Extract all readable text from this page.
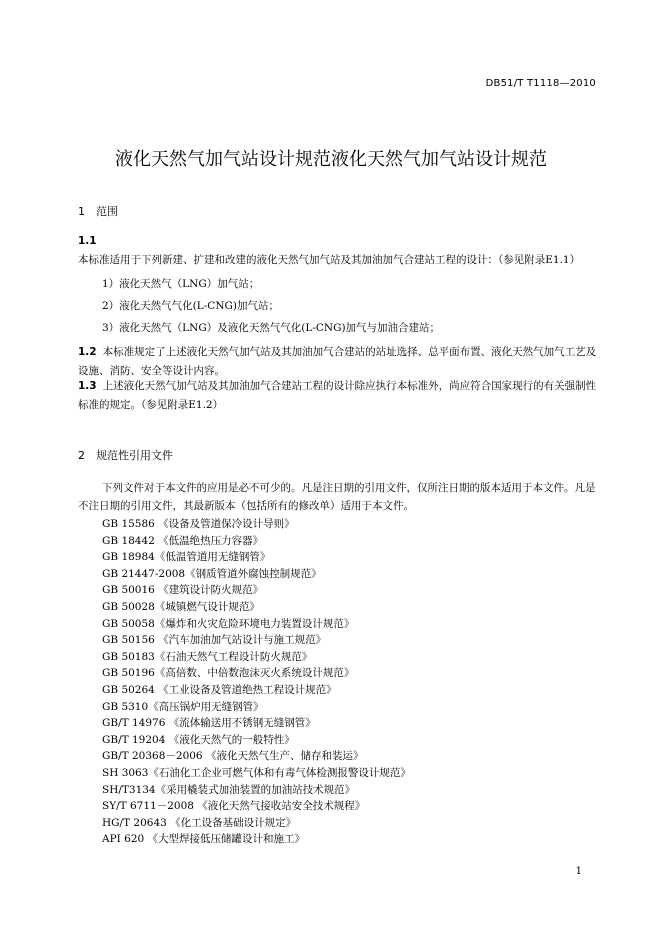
DB51/T T1118—2010
液化天然气加气站设计规范液化天然气加气站设计规范
1 范围
1.1本标准适用于下列新建、扩建和改建的液化天然气加气站及其加油加气合建站工程的设计：（参见附录E1.1）
1）液化天然气（LNG）加气站；
2）液化天然气气化(L-CNG)加气站；
3）液化天然气（LNG）及液化天然气气化(L-CNG)加气与加油合建站；
1.2 本标准规定了上述液化天然气加气站及其加油加气合建站的站址选择、总平面布置、液化天然气加气工艺及设施、消防、安全等设计内容。
1.3 上述液化天然气加气站及其加油加气合建站工程的设计除应执行本标准外，尚应符合国家现行的有关强制性标准的规定。（参见附录E1.2）
2 规范性引用文件
下列文件对于本文件的应用是必不可少的。凡是注日期的引用文件，仅所注日期的版本适用于本文件。凡是不注日期的引用文件，其最新版本（包括所有的修改单）适用于本文件。
GB 15586 《设备及管道保冷设计导则》
GB 18442 《低温绝热压力容器》
GB 18984《低温管道用无缝钢管》
GB 21447-2008《钢质管道外腐蚀控制规范》
GB 50016 《建筑设计防火规范》
GB 50028《城镇燃气设计规范》
GB 50058《爆炸和火灾危险环境电力装置设计规范》
GB 50156 《汽车加油加气站设计与施工规范》
GB 50183《石油天然气工程设计防火规范》
GB 50196《高倍数、中倍数泡沫灭火系统设计规范》
GB 50264 《工业设备及管道绝热工程设计规范》
GB 5310《高压锅炉用无缝钢管》
GB/T 14976 《流体输送用不锈钢无缝钢管》
GB/T 19204 《液化天然气的一般特性》
GB/T 20368－2006 《液化天然气生产、储存和装运》
SH 3063《石油化工企业可燃气体和有毒气体检测报警设计规范》
SH/T3134《采用橇装式加油装置的加油站技术规范》
SY/T 6711－2008 《液化天然气接收站安全技术规程》
HG/T 20643 《化工设备基础设计规定》
API 620 《大型焊接低压储罐设计和施工》
1
